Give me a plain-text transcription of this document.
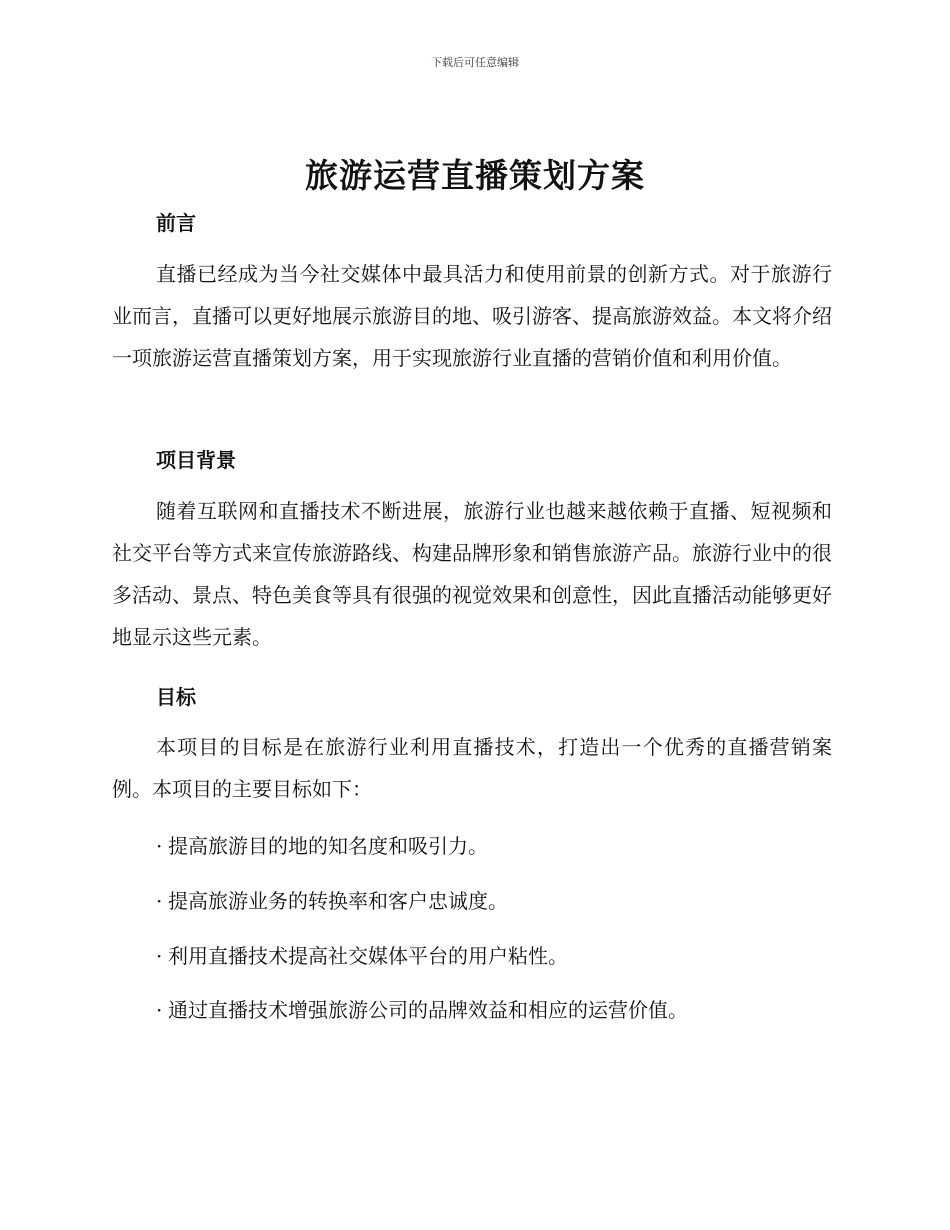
下载后可任意编辑
旅游运营直播策划方案
前言

直播已经成为当今社交媒体中最具活力和使用前景的创新方式。对于旅游行业而言，直播可以更好地展示旅游目的地、吸引游客、提高旅游效益。本文将介绍一项旅游运营直播策划方案，用于实现旅游行业直播的营销价值和利用价值。

项目背景

随着互联网和直播技术不断进展，旅游行业也越来越依赖于直播、短视频和社交平台等方式来宣传旅游路线、构建品牌形象和销售旅游产品。旅游行业中的很多活动、景点、特色美食等具有很强的视觉效果和创意性，因此直播活动能够更好地显示这些元素。

目标

本项目的目标是在旅游行业利用直播技术，打造出一个优秀的直播营销案例。本项目的主要目标如下：

· 提高旅游目的地的知名度和吸引力。

· 提高旅游业务的转换率和客户忠诚度。

· 利用直播技术提高社交媒体平台的用户粘性。

· 通过直播技术增强旅游公司的品牌效益和相应的运营价值。
